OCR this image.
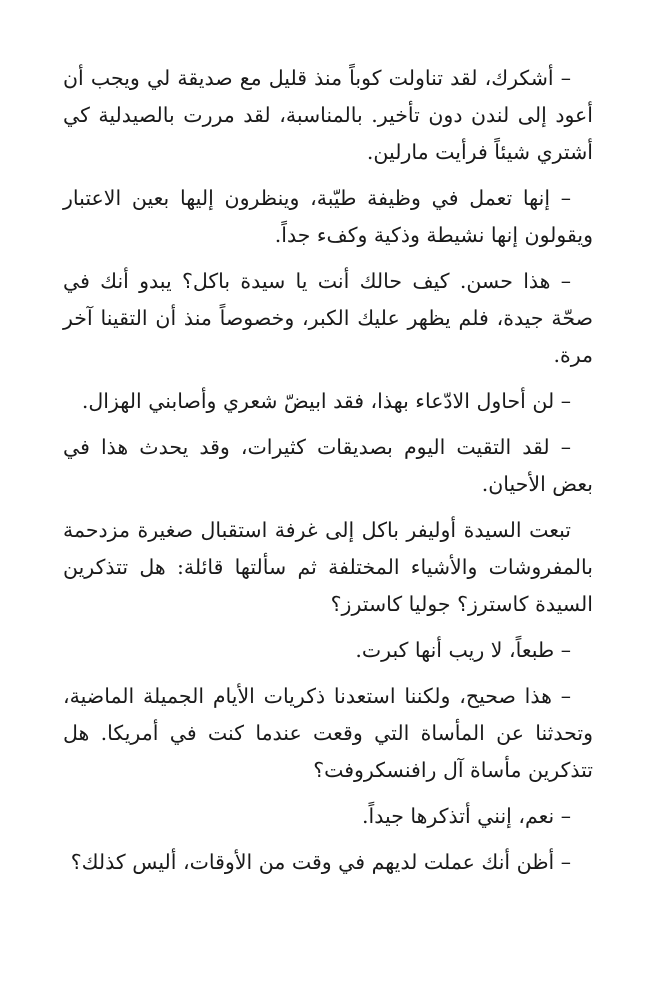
– أشكرك، لقد تناولت كوباً منذ قليل مع صديقة لي ويجب أن أعود إلى لندن دون تأخير. بالمناسبة، لقد مررت بالصيدلية كي أشتري شيئاً فرأيت مارلين.

– إنها تعمل في وظيفة طيّبة، وينظرون إليها بعين الاعتبار ويقولون إنها نشيطة وذكية وكفء جداً.

– هذا حسن. كيف حالك أنت يا سيدة باكل؟ يبدو أنك في صحّة جيدة، فلم يظهر عليك الكبر، وخصوصاً منذ أن التقينا آخر مرة.

– لن أحاول الادّعاء بهذا، فقد ابيضّ شعري وأصابني الهزال.

– لقد التقيت اليوم بصديقات كثيرات، وقد يحدث هذا في بعض الأحيان.

تبعت السيدة أوليفر باكل إلى غرفة استقبال صغيرة مزدحمة بالمفروشات والأشياء المختلفة ثم سألتها قائلة: هل تتذكرين السيدة كاسترز؟ جوليا كاسترز؟

– طبعاً، لا ريب أنها كبرت.

– هذا صحيح، ولكننا استعدنا ذكريات الأيام الجميلة الماضية، وتحدثنا عن المأساة التي وقعت عندما كنت في أمريكا. هل تتذكرين مأساة آل رافنسكروفت؟

– نعم، إنني أتذكرها جيداً.

– أظن أنك عملت لديهم في وقت من الأوقات، أليس كذلك؟
